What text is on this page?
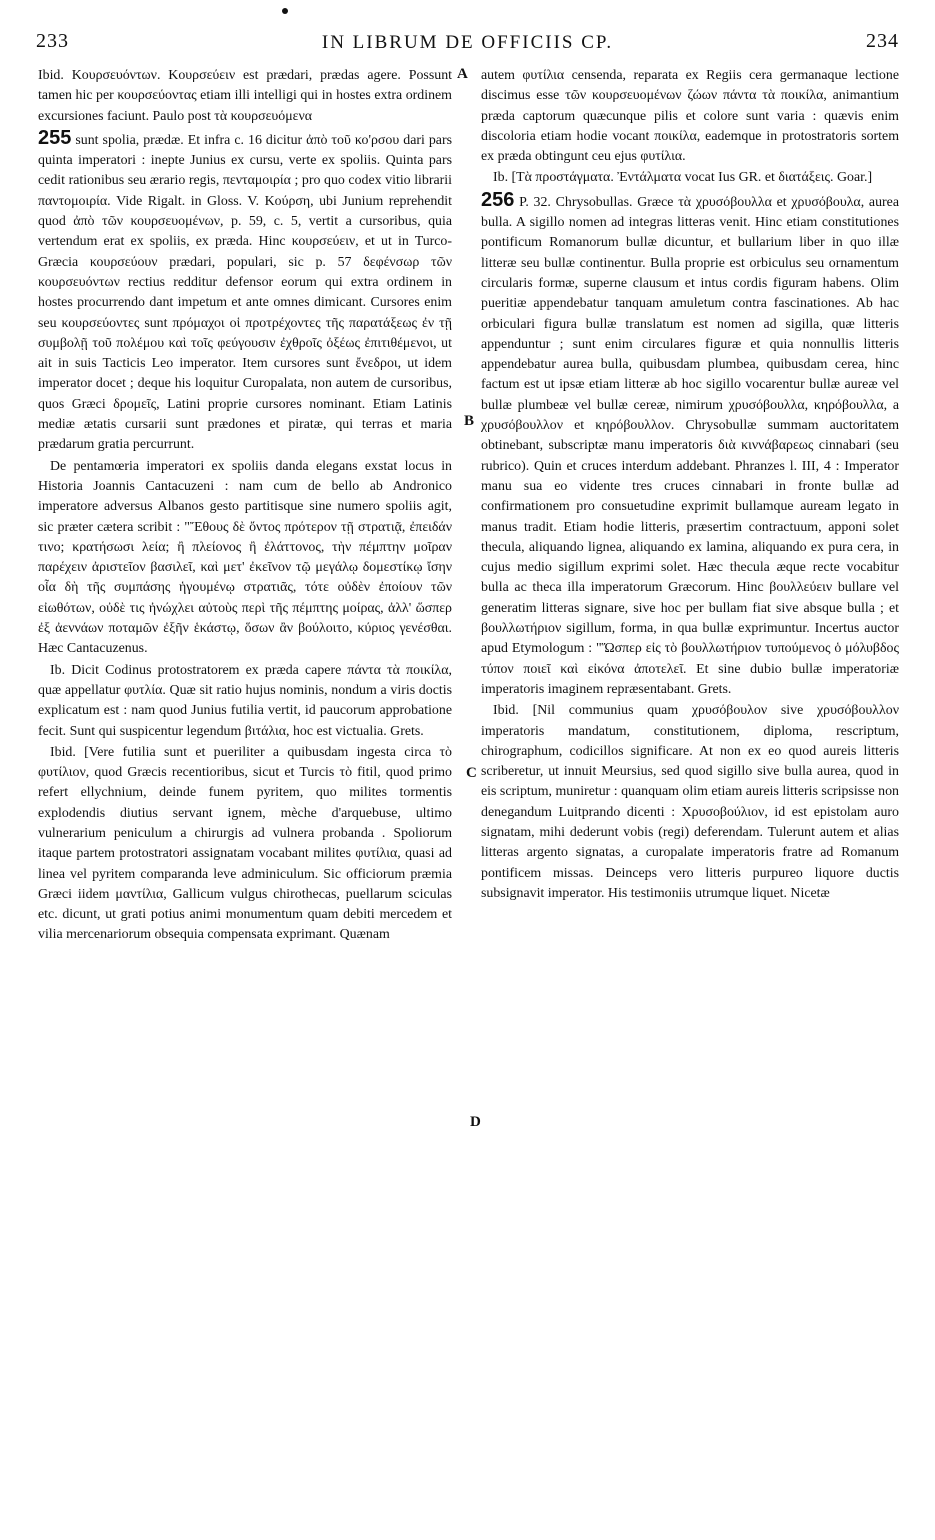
233	IN LIBRUM DE OFFICIIS CP.	234

Ibid. Κουρσευόντων. Κουρσεύειν est prædari, prædas agere. Possunt tamen hic per κουρσεύοντας etiam illi intelligi qui in hostes extra ordinem excursiones faciunt. Paulo post τὰ κουρσευόμενα

255 sunt spolia, prædæ. Et infra c. 16 dicitur ἀπὸ τοῦ κο'ρσου dari pars quinta imperatori : inepte Junius ex cursu, verte ex spoliis. Quinta pars cedit rationibus seu ærario regis, πενταμοιρία ; pro quo codex vitio librarii παντομοιρία. Vide Rigalt. in Gloss. V. Κούρση, ubi Junium reprehendit quod ἀπὸ τῶν κουρσευομένων, p. 59, c. 5, vertit a cursoribus, quia vertendum erat ex spoliis, ex præda. Hinc κουρσεύειν, et ut in Turco-Græcia κουρσεύουν prædari, populari, sic p. 57 δεφένσωρ τῶν κουρσευόντων rectius redditur defensor eorum qui extra ordinem in hostes procurrendo dant impetum et ante omnes dimicant. Cursores enim seu κουρσεύοντες sunt πρόμαχοι οἱ προτρέχοντες τῆς παρατάξεως ἐν τῇ συμβολῇ τοῦ πολέμου καὶ τοῖς φεύγουσιν ἐχθροῖς ὀξέως ἐπιτιθέμενοι, ut ait in suis Tacticis Leo imperator. Item cursores sunt ἔνεδροι, ut idem imperator docet ; deque his loquitur Curopalata, non autem de cursoribus, quos Græci δρομεῖς, Latini proprie cursores nominant. Etiam Latinis mediæ ætatis cursarii sunt prædones et piratæ, qui terras et maria prædarum gratia percurrunt.

De pentamœria imperatori ex spoliis danda elegans exstat locus in Historia Joannis Cantacuzeni : nam cum de bello ab Andronico imperatore adversus Albanos gesto partitisque sine numero spoliis agit, sic præter cætera scribit : "Ἔθους δὲ ὄντος πρότερον τῇ στρατιᾷ, ἐπειδάν τινο; κρατήσωσι λεία; ἢ πλείονος ἢ ἐλάττονος, τὴν πέμπτην μοῖραν παρέχειν ἀριστεῖον βασιλεῖ, καὶ μετ' ἐκεῖνον τῷ μεγάλῳ δομεστίκῳ ἴσην οἷα δὴ τῆς συμπάσης ἡγουμένῳ στρατιᾶς, τότε οὐδὲν ἐποίουν τῶν εἰωθότων, οὐδὲ τις ἠνώχλει αὐτοὺς περὶ τῆς πέμπτης μοίρας, ἀλλ' ὥσπερ ἐξ ἀεννάων ποταμῶν ἐξῆν ἑκάστῳ, ὅσων ἂν βούλοιτο, κύριος γενέσθαι. Hæc Cantacuzenus.

Ib. Dicit Codinus protostratorem ex præda capere πάντα τὰ ποικίλα, quæ appellatur φυτλία. Quæ sit ratio hujus nominis, nondum a viris doctis explicatum est : nam quod Junius futilia vertit, id paucorum approbatione fecit. Sunt qui suspicentur legendum βιτάλια, hoc est victualia. Grets.

Ibid. [Vere futilia sunt et pueriliter a quibusdam ingesta circa τὸ φυτίλιον, quod Græcis recentioribus, sicut et Turcis τὸ fitil, quod primo refert ellychnium, deinde funem pyritem, quo milites tormentis explodendis diutius servant ignem, mèche d'arquebuse, ultimo vulnerarium peniculum a chirurgis ad vulnera probanda . Spoliorum itaque partem protostratori assignatam vocabant milites φυτίλια, quasi ad linea vel pyritem comparanda leve adminiculum. Sic officiorum præmia Græci iidem μαντίλια, Gallicum vulgus chirothecas, puellarum sciculas etc. dicunt, ut grati potius animi monumentum quam debiti mercedem et vilia mercenariorum obsequia compensata exprimant. Quænam

A
B
C
D

autem φυτίλια censenda, reparata ex Regiis cera germanaque lectione discimus esse τῶν κουρσευομένων ζώων πάντα τὰ ποικίλα, animantium præda captorum quæcunque pilis et colore sunt varia : quævis enim discoloria etiam hodie vocant ποικίλα, eademque in protostratoris sortem ex præda obtingunt ceu ejus φυτίλια.

Ib. [Τὰ προστάγματα. Ἐντάλματα vocat Ius GR. et διατάξεις. Goar.]

256 P. 32. Chrysobullas. Græce τὰ χρυσόβουλλα et χρυσόβουλα, aurea bulla. A sigillo nomen ad integras litteras venit. Hinc etiam constitutiones pontificum Romanorum bullæ dicuntur, et bullarium liber in quo illæ litteræ seu bullæ continentur. Bulla proprie est orbiculus seu ornamentum circularis formæ, superne clausum et intus cordis figuram habens. Olim pueritiæ appendebatur tanquam amuletum contra fascinationes. Ab hac orbiculari figura bullæ translatum est nomen ad sigilla, quæ litteris appenduntur ; sunt enim circulares figuræ et quia nonnullis litteris appendebatur aurea bulla, quibusdam plumbea, quibusdam cerea, hinc factum est ut ipsæ etiam litteræ ab hoc sigillo vocarentur bullæ aureæ vel bullæ plumbeæ vel bullæ cereæ, nimirum χρυσόβουλλα, κηρόβουλλα, a χρυσόβουλλον et κηρόβουλλον. Chrysobullæ summam auctoritatem obtinebant, subscriptæ manu imperatoris διὰ κιννάβαρεως cinnabari (seu rubrico). Quin et cruces interdum addebant. Phranzes l. III, 4 : Imperator manu sua eo vidente tres cruces cinnabari in fronte bullæ ad confirmationem pro consuetudine exprimit bullamque auream legato in manus tradit. Etiam hodie litteris, præsertim contractuum, apponi solet thecula, aliquando lignea, aliquando ex lamina, aliquando ex pura cera, in cujus medio sigillum exprimi solet. Hæc thecula æque recte vocabitur bulla ac theca illa imperatorum Græcorum. Hinc βουλλεύειν bullare vel generatim litteras signare, sive hoc per bullam fiat sive absque bulla ; et βουλλωτήριον sigillum, forma, in qua bullæ exprimuntur. Incertus auctor apud Etymologum : "Ὥσπερ εἰς τὸ βουλλωτήριον τυπούμενος ὁ μόλυβδος τύπον ποιεῖ καὶ εἰκόνα ἀποτελεῖ. Et sine dubio bullæ imperatoriæ imperatoris imaginem repræsentabant. Grets.

Ibid. [Nil communius quam χρυσόβουλον sive χρυσόβουλλον imperatoris mandatum, constitutionem, diploma, rescriptum, chirographum, codicillos significare. At non ex eo quod aureis litteris scriberetur, ut innuit Meursius, sed quod sigillo sive bulla aurea, quod in eis scriptum, muniretur : quanquam olim etiam aureis litteris scripsisse non denegandum Luitprando dicenti : Χρυσοβούλιον, id est epistolam auro signatam, mihi dederunt vobis (regi) deferendam. Tulerunt autem et alias litteras argento signatas, a curopalate imperatoris fratre ad Romanum pontificem missas. Deinceps vero litteris purpureo liquore ductis subsignavit imperator. His testimoniis utrumque liquet. Nicetæ
